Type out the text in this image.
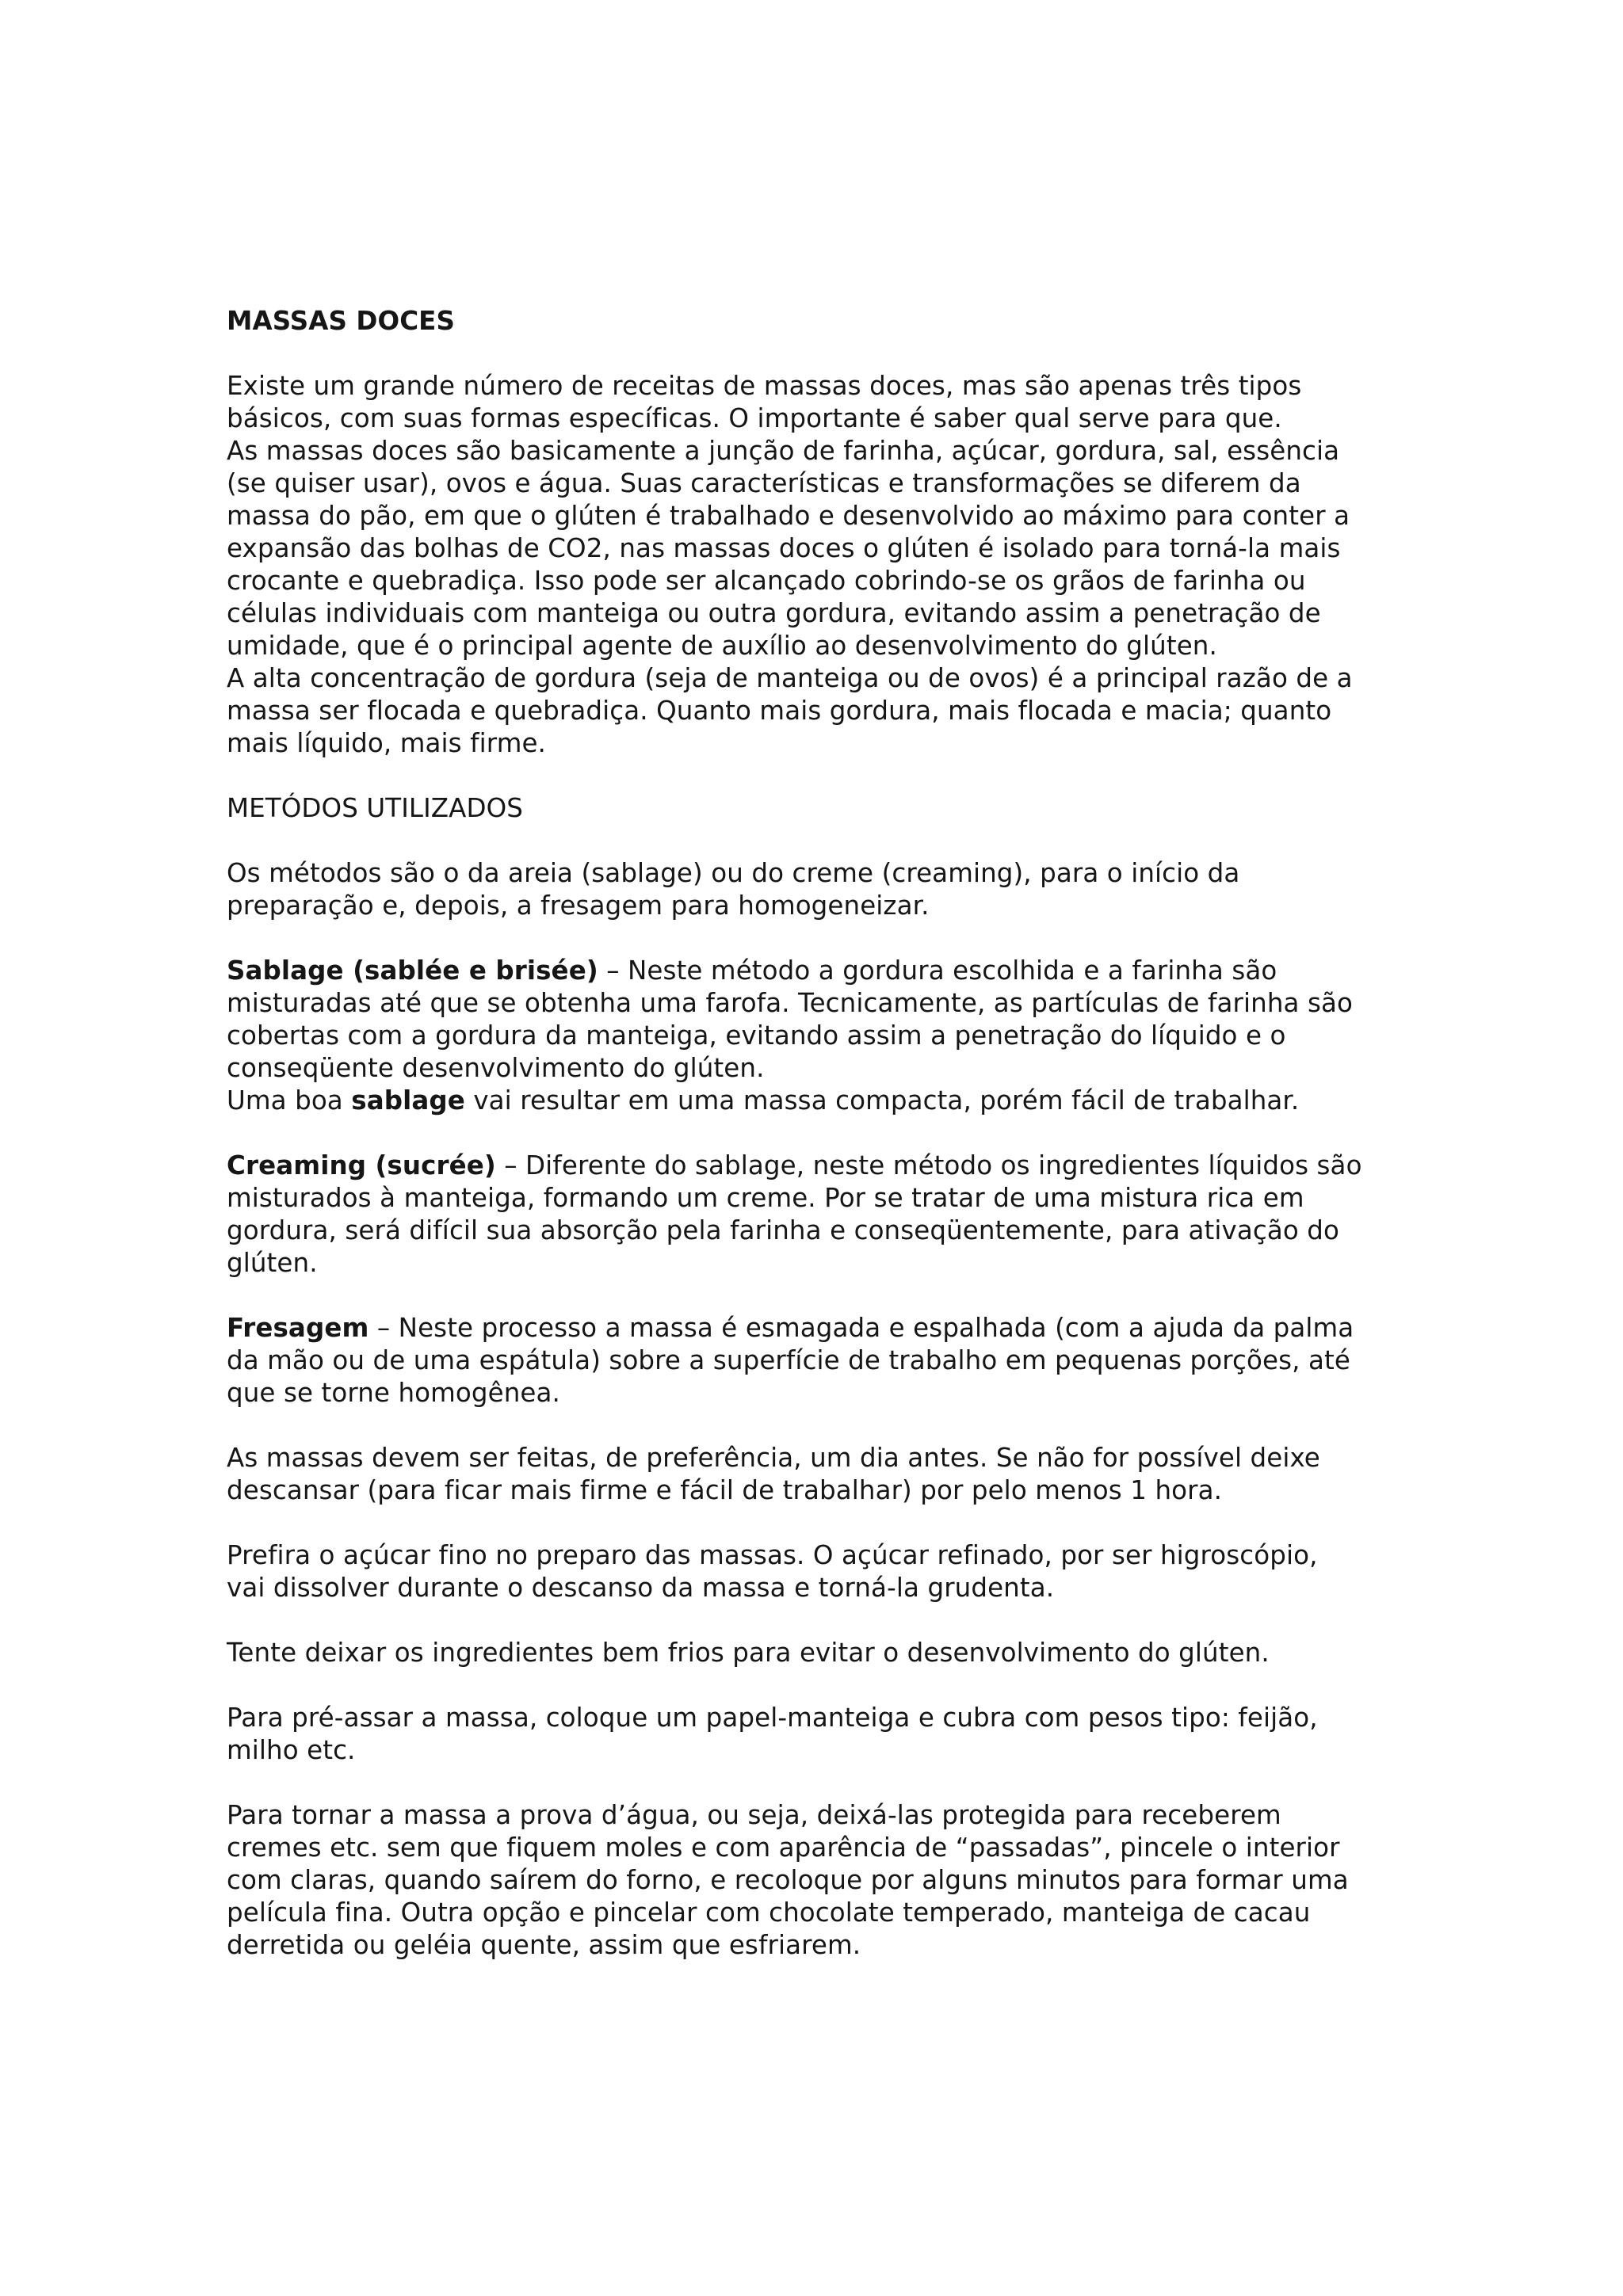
MASSAS DOCES

Existe um grande número de receitas de massas doces, mas são apenas três tipos
básicos, com suas formas específicas. O importante é saber qual serve para que.
As massas doces são basicamente a junção de farinha, açúcar, gordura, sal, essência
(se quiser usar), ovos e água. Suas características e transformações se diferem da
massa do pão, em que o glúten é trabalhado e desenvolvido ao máximo para conter a
expansão das bolhas de CO2, nas massas doces o glúten é isolado para torná-la mais
crocante e quebradiça. Isso pode ser alcançado cobrindo-se os grãos de farinha ou
células individuais com manteiga ou outra gordura, evitando assim a penetração de
umidade, que é o principal agente de auxílio ao desenvolvimento do glúten.
A alta concentração de gordura (seja de manteiga ou de ovos) é a principal razão de a
massa ser flocada e quebradiça. Quanto mais gordura, mais flocada e macia; quanto
mais líquido, mais firme.

METÓDOS UTILIZADOS

Os métodos são o da areia (sablage) ou do creme (creaming), para o início da
preparação e, depois, a fresagem para homogeneizar.

Sablage (sablée e brisée) – Neste método a gordura escolhida e a farinha são
misturadas até que se obtenha uma farofa. Tecnicamente, as partículas de farinha são
cobertas com a gordura da manteiga, evitando assim a penetração do líquido e o
conseqüente desenvolvimento do glúten.
Uma boa sablage vai resultar em uma massa compacta, porém fácil de trabalhar.

Creaming (sucrée) – Diferente do sablage, neste método os ingredientes líquidos são
misturados à manteiga, formando um creme. Por se tratar de uma mistura rica em
gordura, será difícil sua absorção pela farinha e conseqüentemente, para ativação do
glúten.

Fresagem – Neste processo a massa é esmagada e espalhada (com a ajuda da palma
da mão ou de uma espátula) sobre a superfície de trabalho em pequenas porções, até
que se torne homogênea.

As massas devem ser feitas, de preferência, um dia antes. Se não for possível deixe
descansar (para ficar mais firme e fácil de trabalhar) por pelo menos 1 hora.

Prefira o açúcar fino no preparo das massas. O açúcar refinado, por ser higroscópio,
vai dissolver durante o descanso da massa e torná-la grudenta.

Tente deixar os ingredientes bem frios para evitar o desenvolvimento do glúten.

Para pré-assar a massa, coloque um papel-manteiga e cubra com pesos tipo: feijão,
milho etc.

Para tornar a massa a prova d’água, ou seja, deixá-las protegida para receberem
cremes etc. sem que fiquem moles e com aparência de “passadas”, pincele o interior
com claras, quando saírem do forno, e recoloque por alguns minutos para formar uma
película fina. Outra opção e pincelar com chocolate temperado, manteiga de cacau
derretida ou geléia quente, assim que esfriarem.
